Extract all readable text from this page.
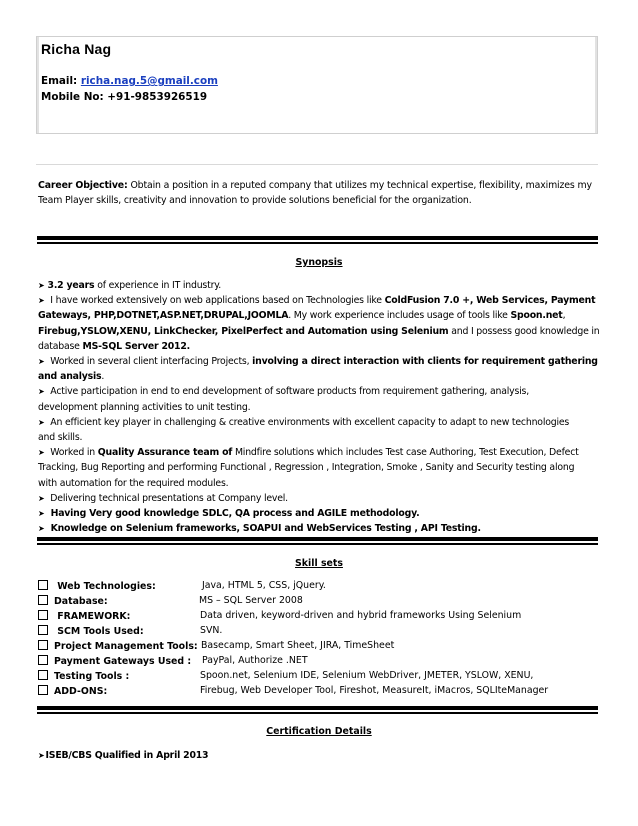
Richa Nag
Email: richa.nag.5@gmail.com
Mobile No: +91-9853926519
Career Objective: Obtain a position in a reputed company that utilizes my technical expertise, flexibility, maximizes my
Team Player skills, creativity and innovation to provide solutions beneficial for the organization.
Synopsis
➤ 3.2 years of experience in IT industry.
➤ I have worked extensively on web applications based on Technologies like ColdFusion 7.0 +, Web Services, Payment
Gateways, PHP,DOTNET,ASP.NET,DRUPAL,JOOMLA. My work experience includes usage of tools like Spoon.net,
Firebug,YSLOW,XENU, LinkChecker, PixelPerfect and Automation using Selenium and I possess good knowledge in
database MS-SQL Server 2012.
➤ Worked in several client interfacing Projects, involving a direct interaction with clients for requirement gathering
and analysis.
➤ Active participation in end to end development of software products from requirement gathering, analysis,
development planning activities to unit testing.
➤ An efficient key player in challenging & creative environments with excellent capacity to adapt to new technologies
and skills.
➤ Worked in Quality Assurance team of Mindfire solutions which includes Test case Authoring, Test Execution, Defect
Tracking, Bug Reporting and performing Functional , Regression , Integration, Smoke , Sanity and Security testing along
with automation for the required modules.
➤ Delivering technical presentations at Company level.
➤ Having Very good knowledge SDLC, QA process and AGILE methodology.
➤ Knowledge on Selenium frameworks, SOAPUI and WebServices Testing , API Testing.
Skill sets
Web Technologies:	Java, HTML 5, CSS, jQuery.
Database:	MS – SQL Server 2008
FRAMEWORK:	Data driven, keyword-driven and hybrid frameworks Using Selenium
SCM Tools Used:	SVN.
Project Management Tools: Basecamp, Smart Sheet, JIRA, TimeSheet
Payment Gateways Used : PayPal, Authorize .NET
Testing Tools :	Spoon.net, Selenium IDE, Selenium WebDriver, JMETER, YSLOW, XENU,
ADD-ONS:	Firebug, Web Developer Tool, Fireshot, MeasureIt, iMacros, SQLIteManager
Certification Details
➤ISEB/CBS Qualified in April 2013
